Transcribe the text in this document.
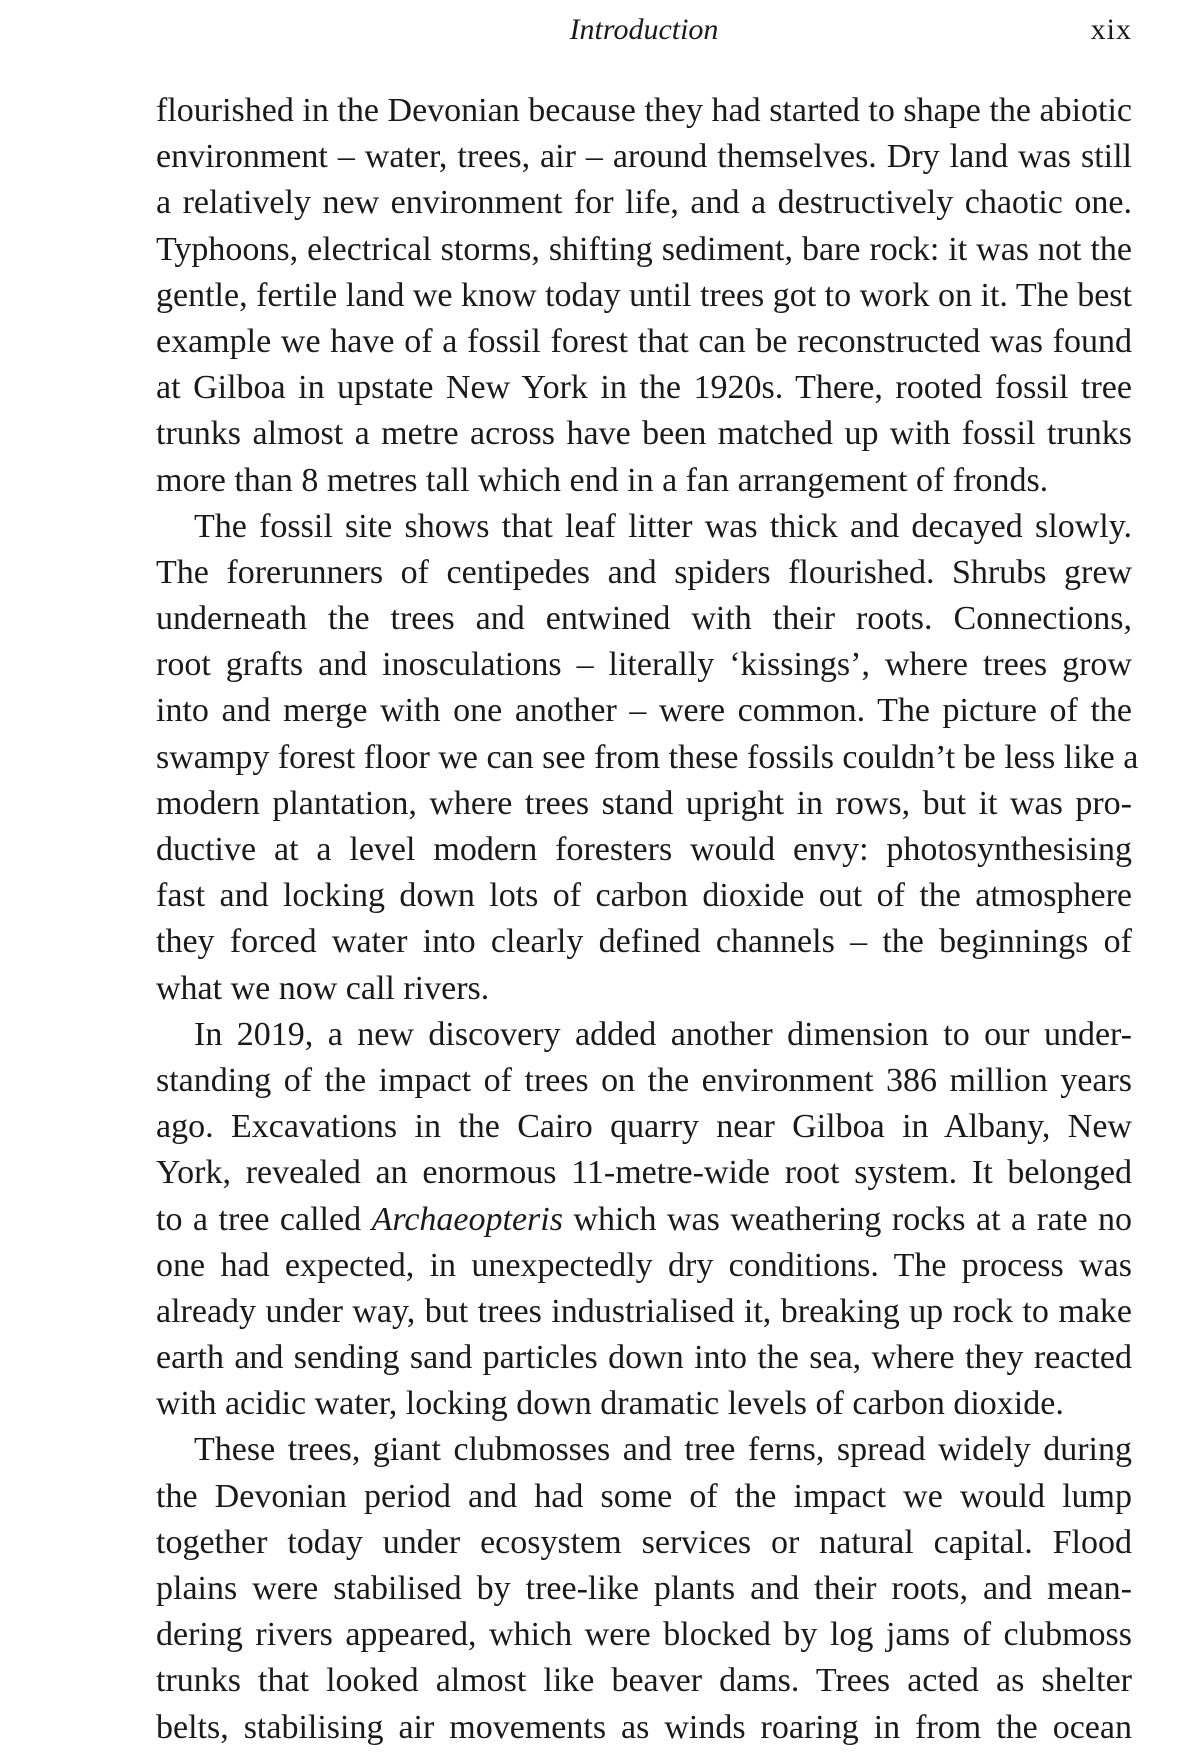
Introduction	xix
flourished in the Devonian because they had started to shape the abiotic
environment – water, trees, air – around themselves. Dry land was still
a relatively new environment for life, and a destructively chaotic one.
Typhoons, electrical storms, shifting sediment, bare rock: it was not the
gentle, fertile land we know today until trees got to work on it. The best
example we have of a fossil forest that can be reconstructed was found
at Gilboa in upstate New York in the 1920s. There, rooted fossil tree
trunks almost a metre across have been matched up with fossil trunks
more than 8 metres tall which end in a fan arrangement of fronds.
The fossil site shows that leaf litter was thick and decayed slowly.
The forerunners of centipedes and spiders flourished. Shrubs grew
underneath the trees and entwined with their roots. Connections,
root grafts and inosculations – literally ‘kissings’, where trees grow
into and merge with one another – were common. The picture of the
swampy forest floor we can see from these fossils couldn’t be less like a
modern plantation, where trees stand upright in rows, but it was pro-
ductive at a level modern foresters would envy: photosynthesising
fast and locking down lots of carbon dioxide out of the atmosphere
they forced water into clearly defined channels – the beginnings of
what we now call rivers.
In 2019, a new discovery added another dimension to our under-
standing of the impact of trees on the environment 386 million years
ago. Excavations in the Cairo quarry near Gilboa in Albany, New
York, revealed an enormous 11-metre-wide root system. It belonged
to a tree called Archaeopteris which was weathering rocks at a rate no
one had expected, in unexpectedly dry conditions. The process was
already under way, but trees industrialised it, breaking up rock to make
earth and sending sand particles down into the sea, where they reacted
with acidic water, locking down dramatic levels of carbon dioxide.
These trees, giant clubmosses and tree ferns, spread widely during
the Devonian period and had some of the impact we would lump
together today under ecosystem services or natural capital. Flood
plains were stabilised by tree-like plants and their roots, and mean-
dering rivers appeared, which were blocked by log jams of clubmoss
trunks that looked almost like beaver dams. Trees acted as shelter
belts, stabilising air movements as winds roaring in from the ocean
